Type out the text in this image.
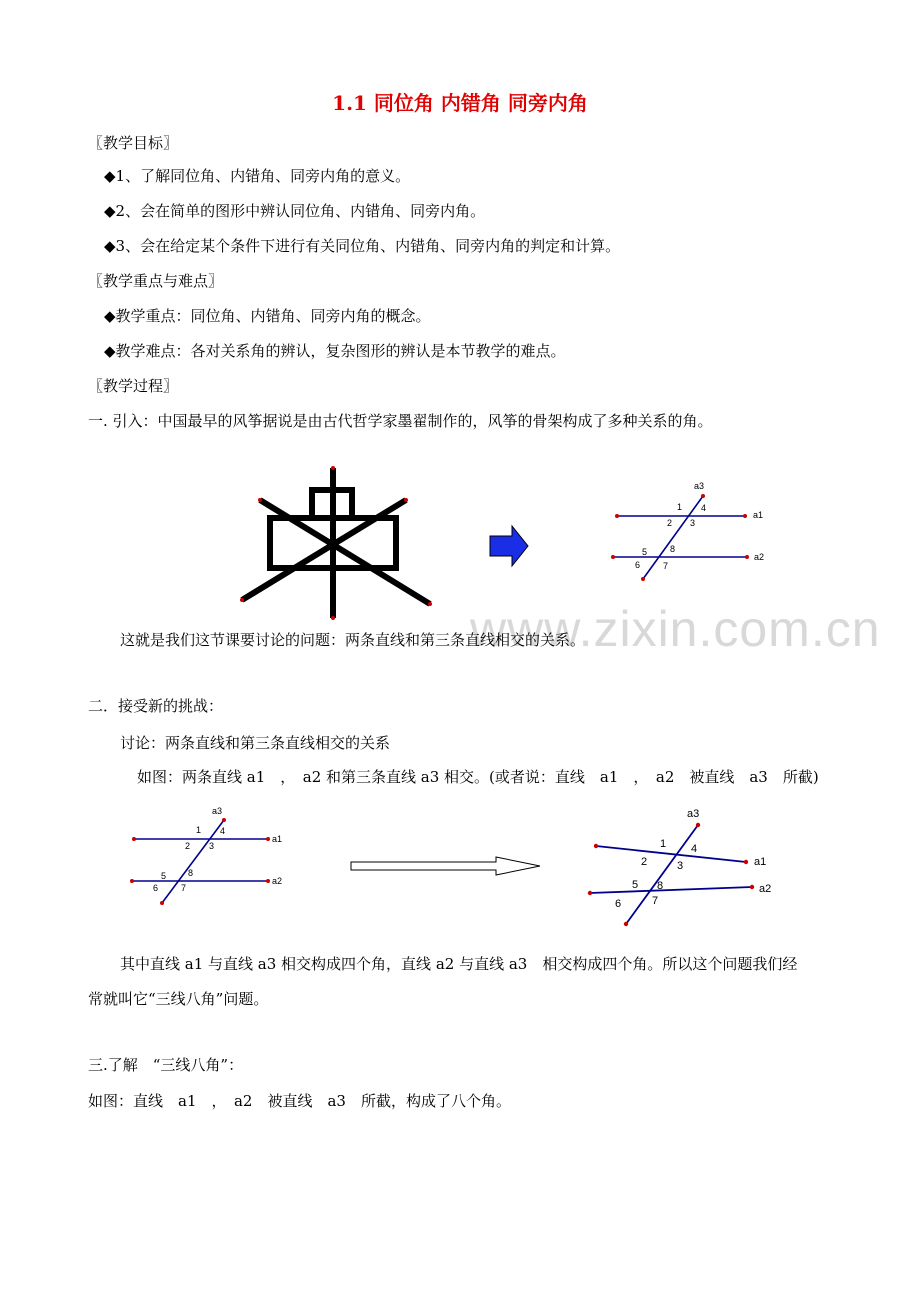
1.1 同位角 内错角 同旁内角
〖教学目标〗
◆1、了解同位角、内错角、同旁内角的意义。
◆2、会在简单的图形中辨认同位角、内错角、同旁内角。
◆3、会在给定某个条件下进行有关同位角、内错角、同旁内角的判定和计算。
〖教学重点与难点〗
◆教学重点：同位角、内错角、同旁内角的概念。
◆教学难点：各对关系角的辨认，复杂图形的辨认是本节教学的难点。
〖教学过程〗
一. 引入：中国最早的风筝据说是由古代哲学家墨翟制作的，风筝的骨架构成了多种关系的角。
a3
a1
a2
1
2 3
4
5
6	7
8
www.zixin.com.cn
这就是我们这节课要讨论的问题：两条直线和第三条直线相交的关系。
二．接受新的挑战：
讨论：两条直线和第三条直线相交的关系
如图：两条直线 a1　，　a2 和第三条直线 a3 相交。(或者说：直线　a1　，　a2　被直线　a3　所截)
a3
a1
a2
1
2 3
4
5
6	7
8
a3
a1
a2
1
2	3
4
5
6	7
8
其中直线 a1 与直线 a3 相交构成四个角，直线 a2 与直线 a3　相交构成四个角。所以这个问题我们经
常就叫它“三线八角”问题。
三.了解　“三线八角”：
如图：直线　a1　，　a2　被直线　a3　所截，构成了八个角。
